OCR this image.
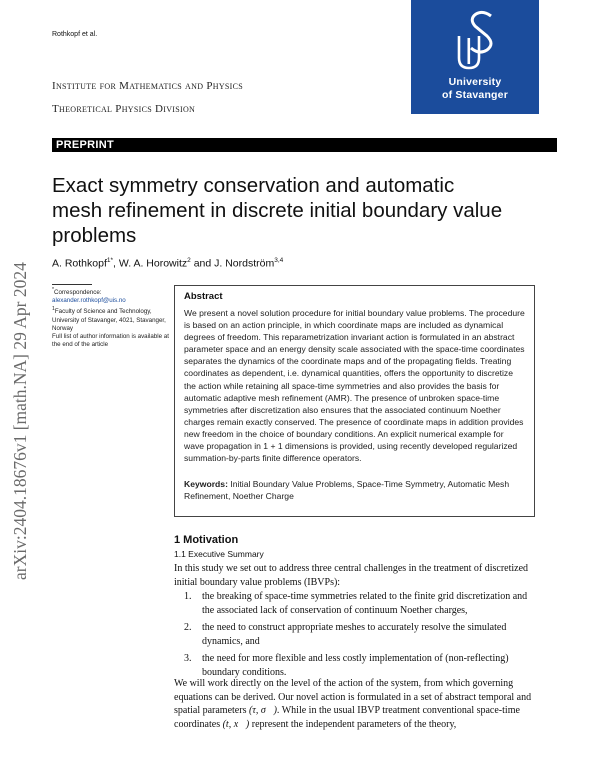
Rothkopf et al.
University
of Stavanger
Institute for Mathematics and Physics
Theoretical Physics Division
PREPRINT
arXiv:2404.18676v1 [math.NA] 29 Apr 2024
Exact symmetry conservation and automatic
mesh refinement in discrete initial boundary value
problems
A. Rothkopf$^{1*}$, W. A. Horowitz$^2$ and J. Nordström$^{3,4}$
*Correspondence:
alexander.rothkopf@uis.no
$^1$Faculty of Science and Technology, University of Stavanger, 4021, Stavanger, Norway
Full list of author information is available at the end of the article
Abstract
We present a novel solution procedure for initial boundary value problems. The procedure is based on an action principle, in which coordinate maps are included as dynamical degrees of freedom. This reparametrization invariant action is formulated in an abstract parameter space and an energy density scale associated with the space-time coordinates separates the dynamics of the coordinate maps and of the propagating fields. Treating coordinates as dependent, i.e. dynamical quantities, offers the opportunity to discretize the action while retaining all space-time symmetries and also provides the basis for automatic adaptive mesh refinement (AMR). The presence of unbroken space-time symmetries after discretization also ensures that the associated continuum Noether charges remain exactly conserved. The presence of coordinate maps in addition provides new freedom in the choice of boundary conditions. An explicit numerical example for wave propagation in 1 + 1 dimensions is provided, using recently developed regularized summation-by-parts finite difference operators.
Keywords: Initial Boundary Value Problems, Space-Time Symmetry, Automatic Mesh Refinement, Noether Charge
1 Motivation
1.1 Executive Summary
In this study we set out to address three central challenges in the treatment of discretized initial boundary value problems (IBVPs):
1. the breaking of space-time symmetries related to the finite grid discretization and the associated lack of conservation of continuum Noether charges,
2. the need to construct appropriate meshes to accurately resolve the simulated dynamics, and
3. the need for more flexible and less costly implementation of (non-reflecting) boundary conditions.
We will work directly on the level of the action of the system, from which governing equations can be derived. Our novel action is formulated in a set of abstract temporal and spatial parameters (τ, σ⃗). While in the usual IBVP treatment conventional space-time coordinates (t, x⃗) represent the independent parameters of the theory,
